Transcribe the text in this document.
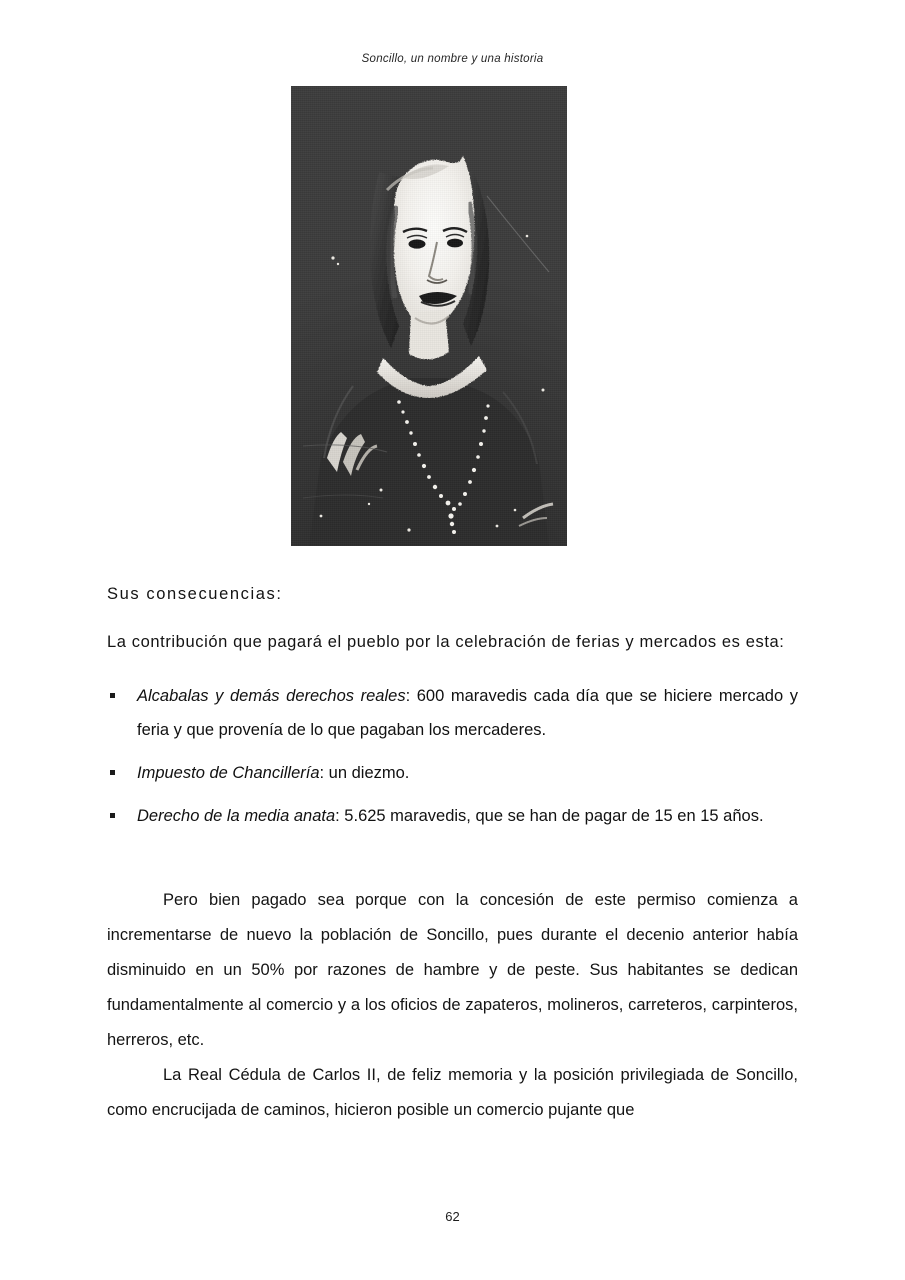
Soncillo, un nombre y una historia

Sus consecuencias:

La contribución que pagará el pueblo por la celebración de ferias y mercados es esta:

Alcabalas y demás derechos reales: 600 maravedis cada día que se hiciere mercado y feria y que provenía de lo que pagaban los mercaderes.
Impuesto de Chancillería: un diezmo.
Derecho de la media anata: 5.625 maravedis, que se han de pagar de 15 en 15 años.

Pero bien pagado sea porque con la concesión de este permiso comienza a incrementarse de nuevo la población de Soncillo, pues durante el decenio anterior había disminuido en un 50% por razones de hambre y de peste. Sus habitantes se dedican fundamentalmente al comercio y a los oficios de zapateros, molineros, carreteros, carpinteros, herreros, etc.

La Real Cédula de Carlos II, de feliz memoria y la posición privilegiada de Soncillo, como encrucijada de caminos, hicieron posible un comercio pujante que

62
